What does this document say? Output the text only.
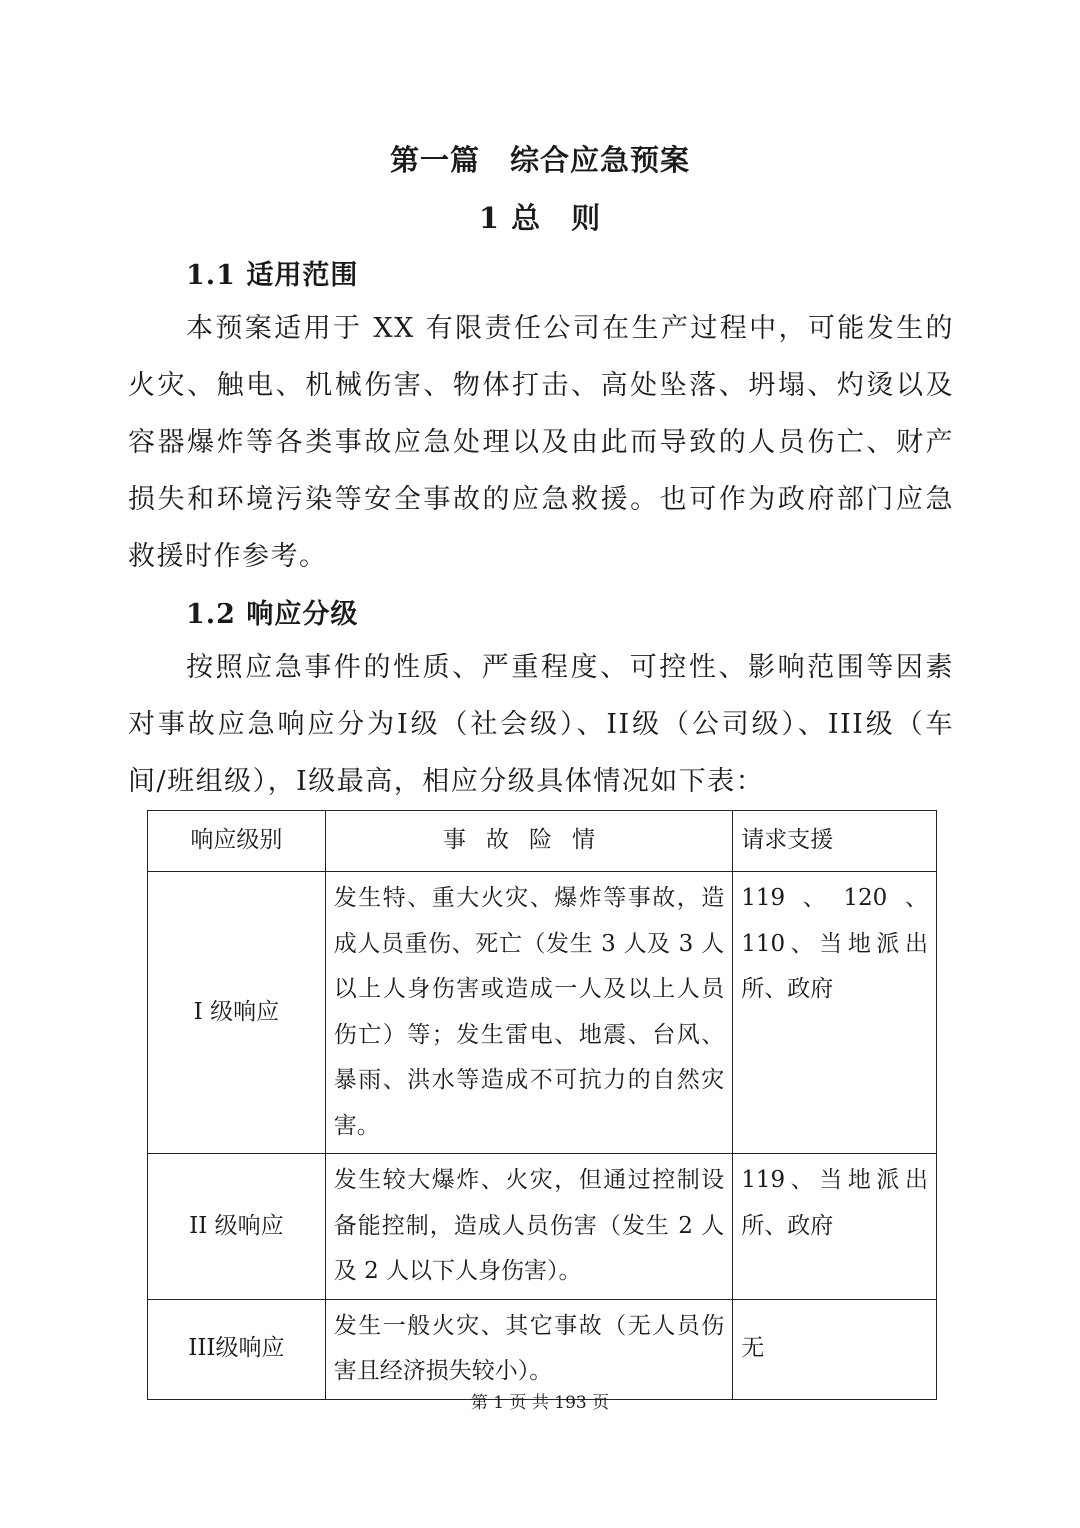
第一篇　综合应急预案
1 总　则
1.1 适用范围

本预案适用于 XX 有限责任公司在生产过程中，可能发生的火灾、触电、机械伤害、物体打击、高处坠落、坍塌、灼烫以及容器爆炸等各类事故应急处理以及由此而导致的人员伤亡、财产损失和环境污染等安全事故的应急救援。也可作为政府部门应急救援时作参考。

1.2 响应分级

按照应急事件的性质、严重程度、可控性、影响范围等因素对事故应急响应分为I级（社会级）、II级（公司级）、III级（车间/班组级），I级最高，相应分级具体情况如下表：

响应级别	事故险情	请求支援
I 级响应	发生特、重大火灾、爆炸等事故，造成人员重伤、死亡（发生 3 人及 3 人以上人身伤害或造成一人及以上人员伤亡）等；发生雷电、地震、台风、暴雨、洪水等造成不可抗力的自然灾害。	119、120、110、当地派出所、政府
II 级响应	发生较大爆炸、火灾，但通过控制设备能控制，造成人员伤害（发生 2 人及 2 人以下人身伤害）。	119、当地派出所、政府
III级响应	发生一般火灾、其它事故（无人员伤害且经济损失较小）。	无
第 1 页 共 193 页
